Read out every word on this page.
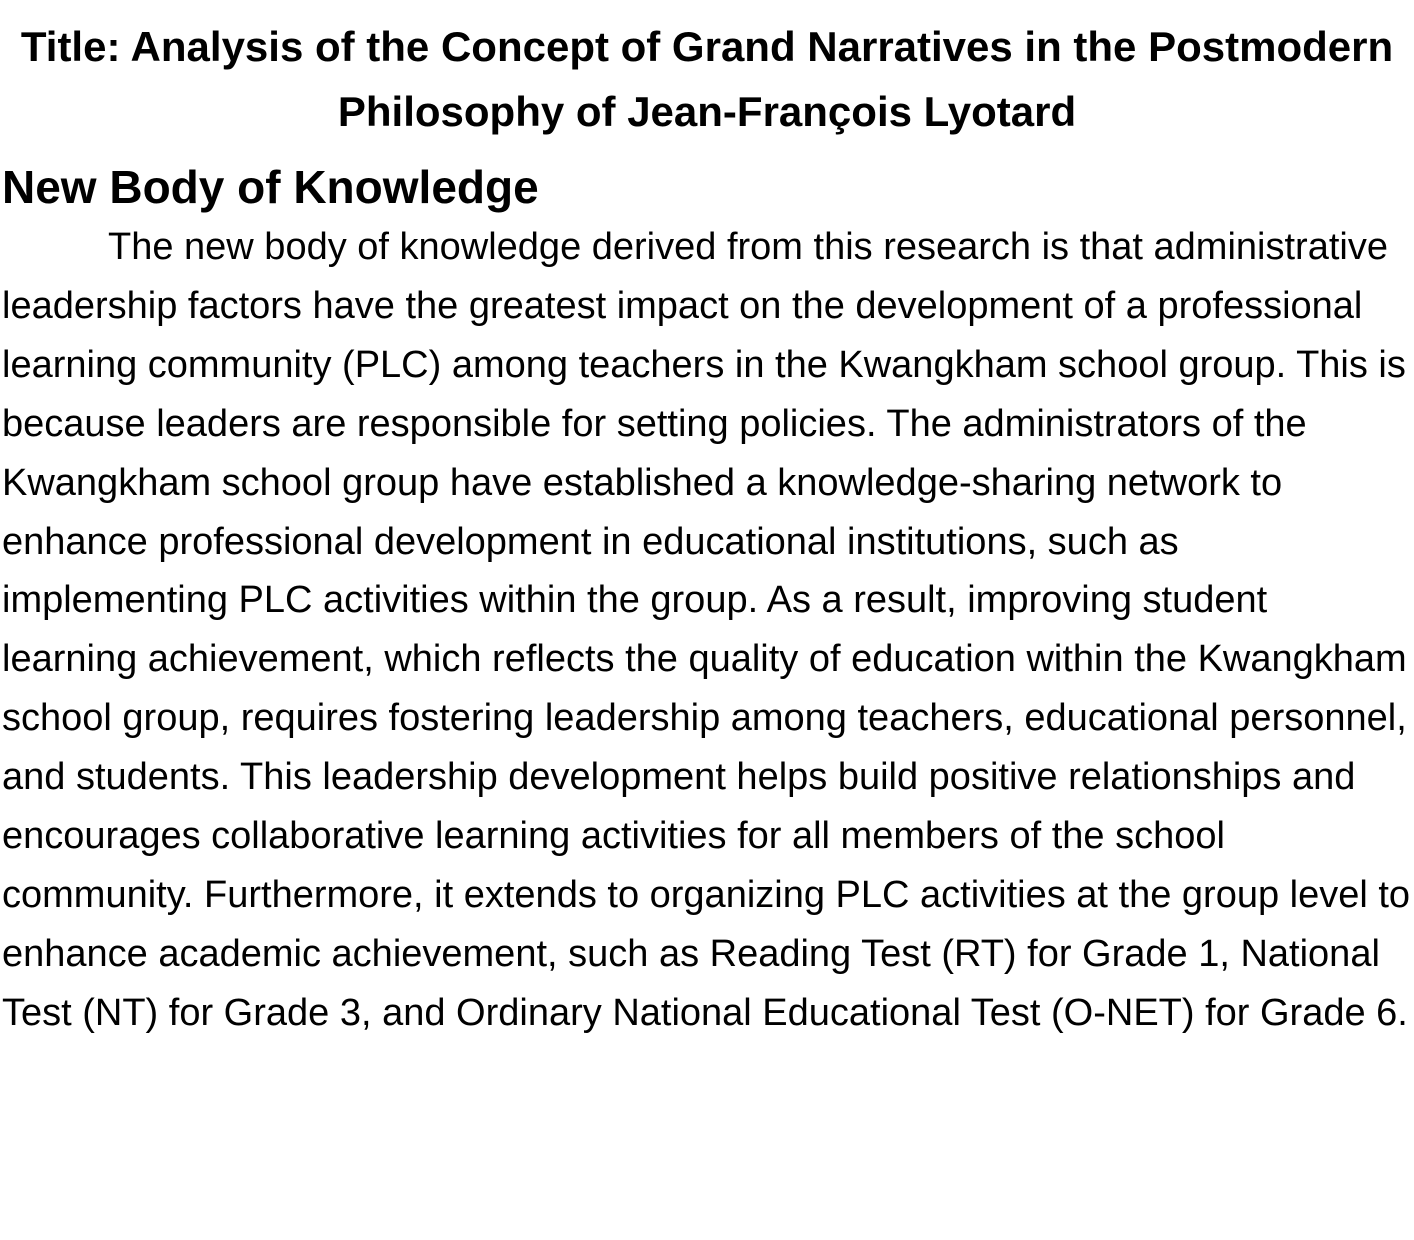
Title: Analysis of the Concept of Grand Narratives in the Postmodern Philosophy of Jean-François Lyotard
New Body of Knowledge

The new body of knowledge derived from this research is that administrative leadership factors have the greatest impact on the development of a professional learning community (PLC) among teachers in the Kwangkham school group. This is because leaders are responsible for setting policies. The administrators of the Kwangkham school group have established a knowledge-sharing network to enhance professional development in educational institutions, such as implementing PLC activities within the group. As a result, improving student learning achievement, which reflects the quality of education within the Kwangkham school group, requires fostering leadership among teachers, educational personnel, and students. This leadership development helps build positive relationships and encourages collaborative learning activities for all members of the school community. Furthermore, it extends to organizing PLC activities at the group level to enhance academic achievement, such as Reading Test (RT) for Grade 1, National Test (NT) for Grade 3, and Ordinary National Educational Test (O-NET) for Grade 6.
